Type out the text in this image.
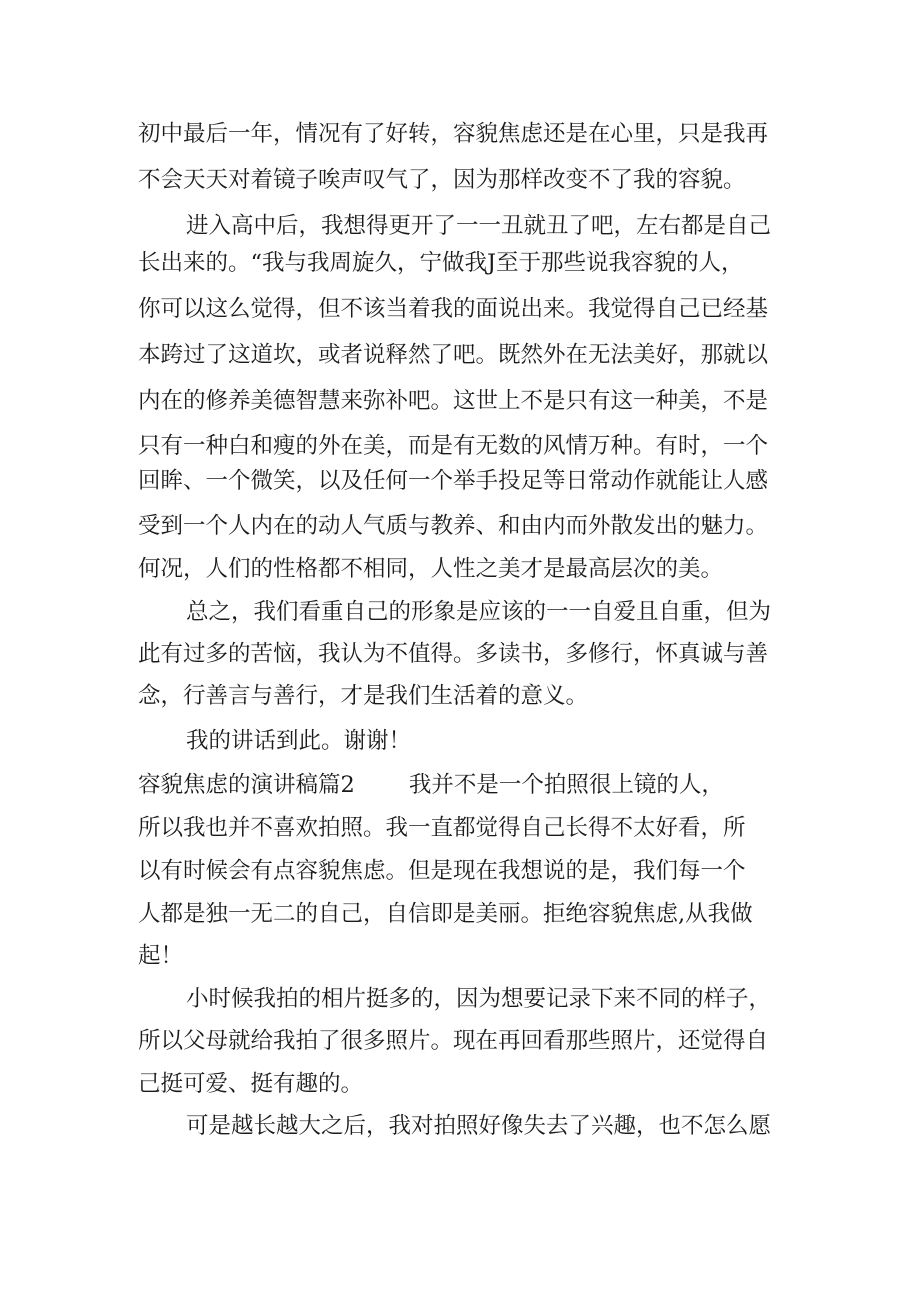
初中最后一年，情况有了好转，容貌焦虑还是在心里，只是我再

不会天天对着镜子唉声叹气了，因为那样改变不了我的容貌。

进入高中后，我想得更开了一一丑就丑了吧，左右都是自己

长出来的。“我与我周旋久，宁做我J至于那些说我容貌的人，

你可以这么觉得，但不该当着我的面说出来。我觉得自己已经基

本跨过了这道坎，或者说释然了吧。既然外在无法美好，那就以

内在的修养美德智慧来弥补吧。这世上不是只有这一种美，不是

只有一种白和瘦的外在美，而是有无数的风情万种。有时，一个

回眸、一个微笑，以及任何一个举手投足等日常动作就能让人感

受到一个人内在的动人气质与教养、和由内而外散发出的魅力。

何况，人们的性格都不相同，人性之美才是最高层次的美。

总之，我们看重自己的形象是应该的一一自爱且自重，但为

此有过多的苦恼，我认为不值得。多读书，多修行，怀真诚与善

念，行善言与善行，才是我们生活着的意义。

我的讲话到此。谢谢！

容貌焦虑的演讲稿篇2 我并不是一个拍照很上镜的人，

所以我也并不喜欢拍照。我一直都觉得自己长得不太好看，所

以有时候会有点容貌焦虑。但是现在我想说的是，我们每一个

人都是独一无二的自己，自信即是美丽。拒绝容貌焦虑,从我做

起！

小时候我拍的相片挺多的，因为想要记录下来不同的样子，

所以父母就给我拍了很多照片。现在再回看那些照片，还觉得自

己挺可爱、挺有趣的。

可是越长越大之后，我对拍照好像失去了兴趣，也不怎么愿
